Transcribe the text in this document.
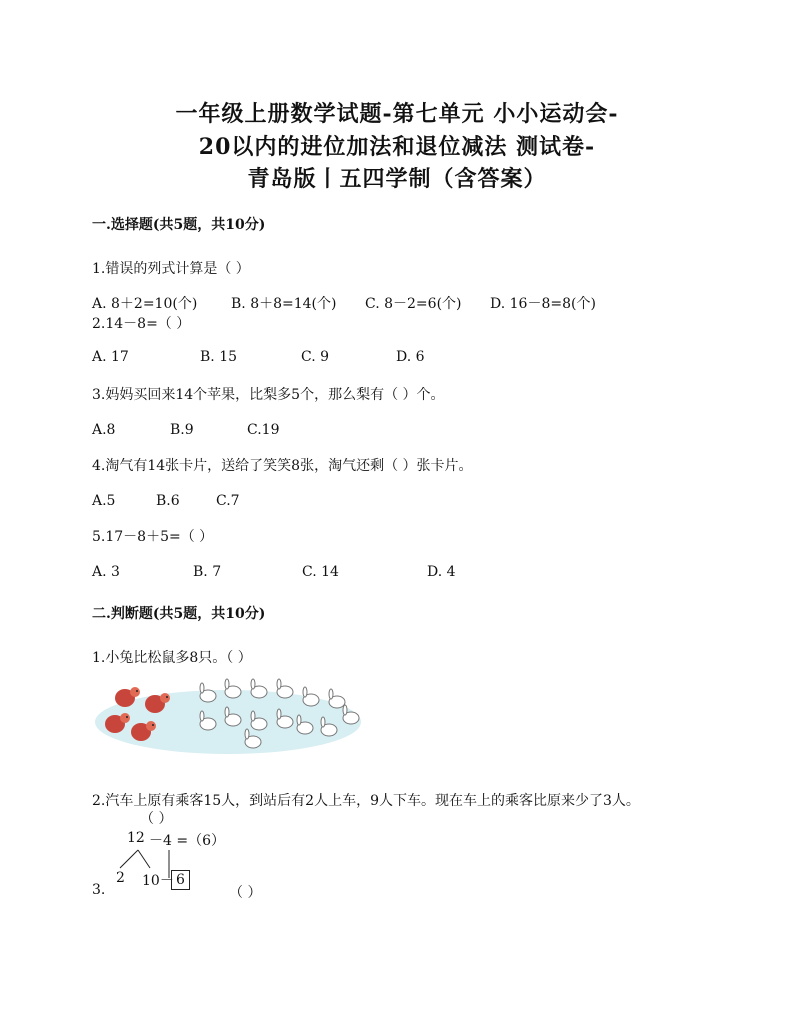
一年级上册数学试题-第七单元 小小运动会-
20以内的进位加法和退位减法 测试卷-
青岛版丨五四学制（含答案）
一.选择题(共5题，共10分)
1.错误的列式计算是（ ）
A. 8＋2=10(个) B. 8＋8=14(个) C. 8－2=6(个) D. 16－8=8(个)
2.14－8=（ ）
A. 17	B. 15	C. 9	D. 6
3.妈妈买回来14个苹果，比梨多5个，那么梨有（ ）个。
A.8	B.9	C.19
4.淘气有14张卡片，送给了笑笑8张，淘气还剩（ ）张卡片。
A.5	B.6	C.7
5.17－8＋5=（ ）
A. 3	B. 7	C. 14	D. 4
二.判断题(共5题，共10分)
1.小兔比松鼠多8只。（ ）
2.汽车上原有乘客15人，到站后有2人上车，9人下车。现在车上的乘客比原来少了3人。
（ ）
12 －4 =（6）
2 10－ 6
3.	（ ）
